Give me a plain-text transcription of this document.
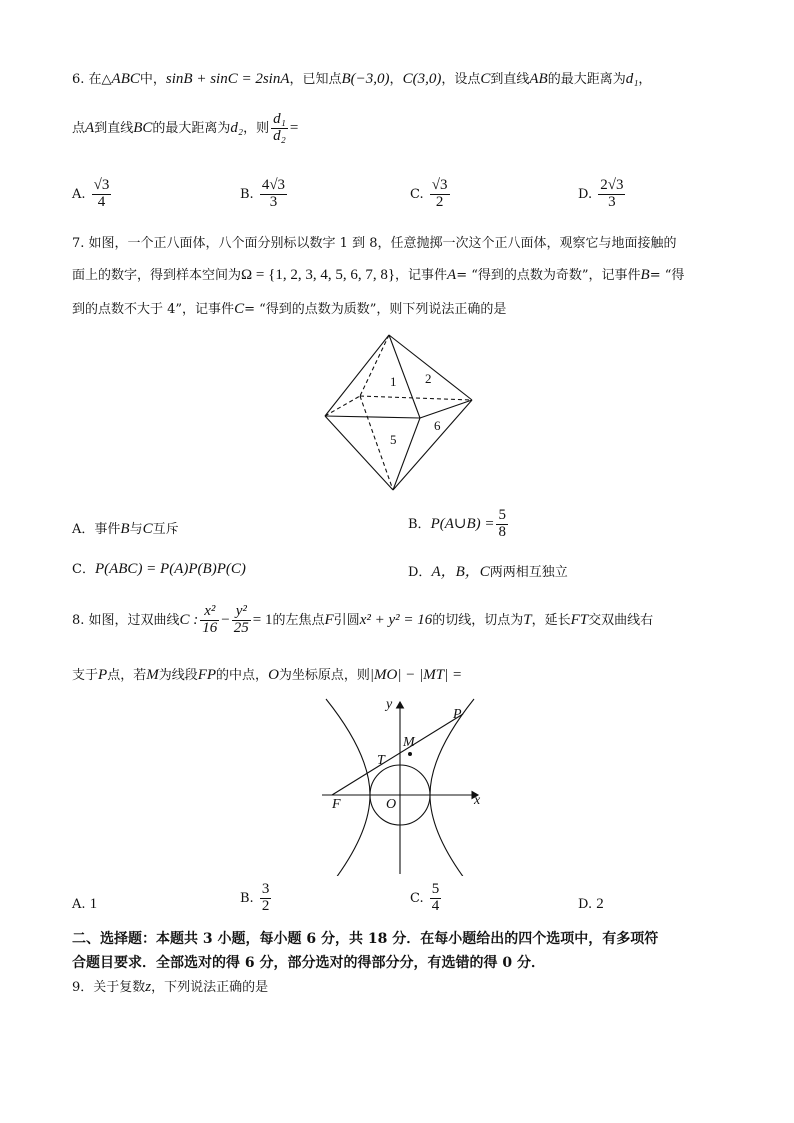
6. 在△ABC中，sinB + sinC = 2sinA，已知点B(−3,0)，C(3,0)，设点C到直线AB的最大距离为d₁，
点A到直线BC的最大距离为d₂，则 $\frac{\text{d₁}}{\text{d₂}}$ =
A. $\frac{√3}{4}$	B. $\frac{4√3}{3}$	C. $\frac{√3}{2}$	D. $\frac{2√3}{3}$
7. 如图，一个正八面体，八个面分别标以数字 1 到 8，任意抛掷一次这个正八面体，观察它与地面接触的
面上的数字，得到样本空间为Ω = {1, 2, 3, 4, 5, 6, 7, 8}，记事件A= “得到的点数为奇数”，记事件B= “得
到的点数不大于 4”，记事件C= “得到的点数为质数”，则下列说法正确的是
1 2
5
6
A．事件B与C互斥	B．P(A∪B) = $\frac{5}{8}$
C．P(ABC) = P(A)P(B)P(C)	D．A，B，C两两相互独立
8. 如图，过双曲线C : $\frac{\text{x²}}{16} - \frac{\text{y²}}{25} = 1$的左焦点F引圆x² + y² = 16的切线，切点为T，延长FT交双曲线右
支于P点，若M为线段FP的中点，O为坐标原点，则|MO| − |MT| =
y
x
P
M
T
F	O
A. 1	B. $\frac{3}{2}$	C. $\frac{5}{4}$	D. 2
二、选择题：本题共 3 小题，每小题 6 分，共 18 分．在每小题给出的四个选项中，有多项符
合题目要求．全部选对的得 6 分，部分选对的得部分分，有选错的得 0 分．
9．关于复数z，下列说法正确的是
